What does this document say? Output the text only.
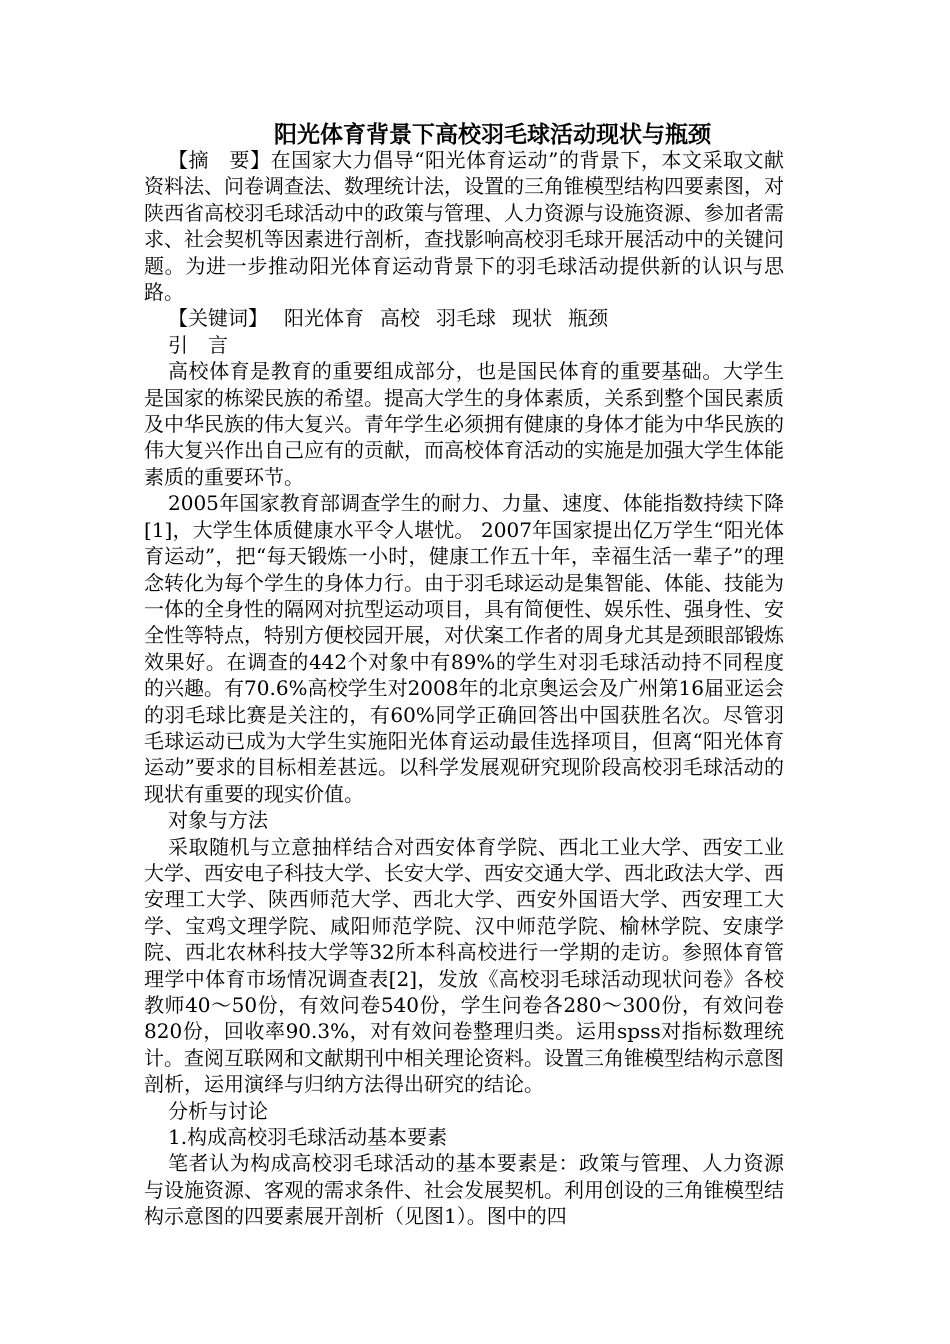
阳光体育背景下高校羽毛球活动现状与瓶颈

【摘　要】在国家大力倡导“阳光体育运动”的背景下，本文采取文献资料法、问卷调查法、数理统计法，设置的三角锥模型结构四要素图，对陕西省高校羽毛球活动中的政策与管理、人力资源与设施资源、参加者需求、社会契机等因素进行剖析，查找影响高校羽毛球开展活动中的关键问题。为进一步推动阳光体育运动背景下的羽毛球活动提供新的认识与思路。

【关键词】 阳光体育 高校 羽毛球 现状 瓶颈

引　言

高校体育是教育的重要组成部分，也是国民体育的重要基础。大学生是国家的栋梁民族的希望。提高大学生的身体素质，关系到整个国民素质及中华民族的伟大复兴。青年学生必须拥有健康的身体才能为中华民族的伟大复兴作出自己应有的贡献，而高校体育活动的实施是加强大学生体能素质的重要环节。

2005年国家教育部调查学生的耐力、力量、速度、体能指数持续下降[1]，大学生体质健康水平令人堪忧。 2007年国家提出亿万学生“阳光体育运动”，把“每天锻炼一小时，健康工作五十年，幸福生活一辈子”的理念转化为每个学生的身体力行。由于羽毛球运动是集智能、体能、技能为一体的全身性的隔网对抗型运动项目，具有简便性、娱乐性、强身性、安全性等特点，特别方便校园开展，对伏案工作者的周身尤其是颈眼部锻炼效果好。在调查的442个对象中有89%的学生对羽毛球活动持不同程度的兴趣。有70.6%高校学生对2008年的北京奥运会及广州第16届亚运会的羽毛球比赛是关注的，有60%同学正确回答出中国获胜名次。尽管羽毛球运动已成为大学生实施阳光体育运动最佳选择项目，但离“阳光体育运动”要求的目标相差甚远。以科学发展观研究现阶段高校羽毛球活动的现状有重要的现实价值。

对象与方法

采取随机与立意抽样结合对西安体育学院、西北工业大学、西安工业大学、西安电子科技大学、长安大学、西安交通大学、西北政法大学、西安理工大学、陕西师范大学、西北大学、西安外国语大学、西安理工大学、宝鸡文理学院、咸阳师范学院、汉中师范学院、榆林学院、安康学院、西北农林科技大学等32所本科高校进行一学期的走访。参照体育管理学中体育市场情况调查表[2]，发放《高校羽毛球活动现状问卷》各校教师40～50份，有效问卷540份，学生问卷各280～300份，有效问卷820份，回收率90.3%，对有效问卷整理归类。运用spss对指标数理统计。查阅互联网和文献期刊中相关理论资料。设置三角锥模型结构示意图剖析，运用演绎与归纳方法得出研究的结论。

分析与讨论

1.构成高校羽毛球活动基本要素

笔者认为构成高校羽毛球活动的基本要素是：政策与管理、人力资源与设施资源、客观的需求条件、社会发展契机。利用创设的三角锥模型结构示意图的四要素展开剖析（见图1）。图中的四
